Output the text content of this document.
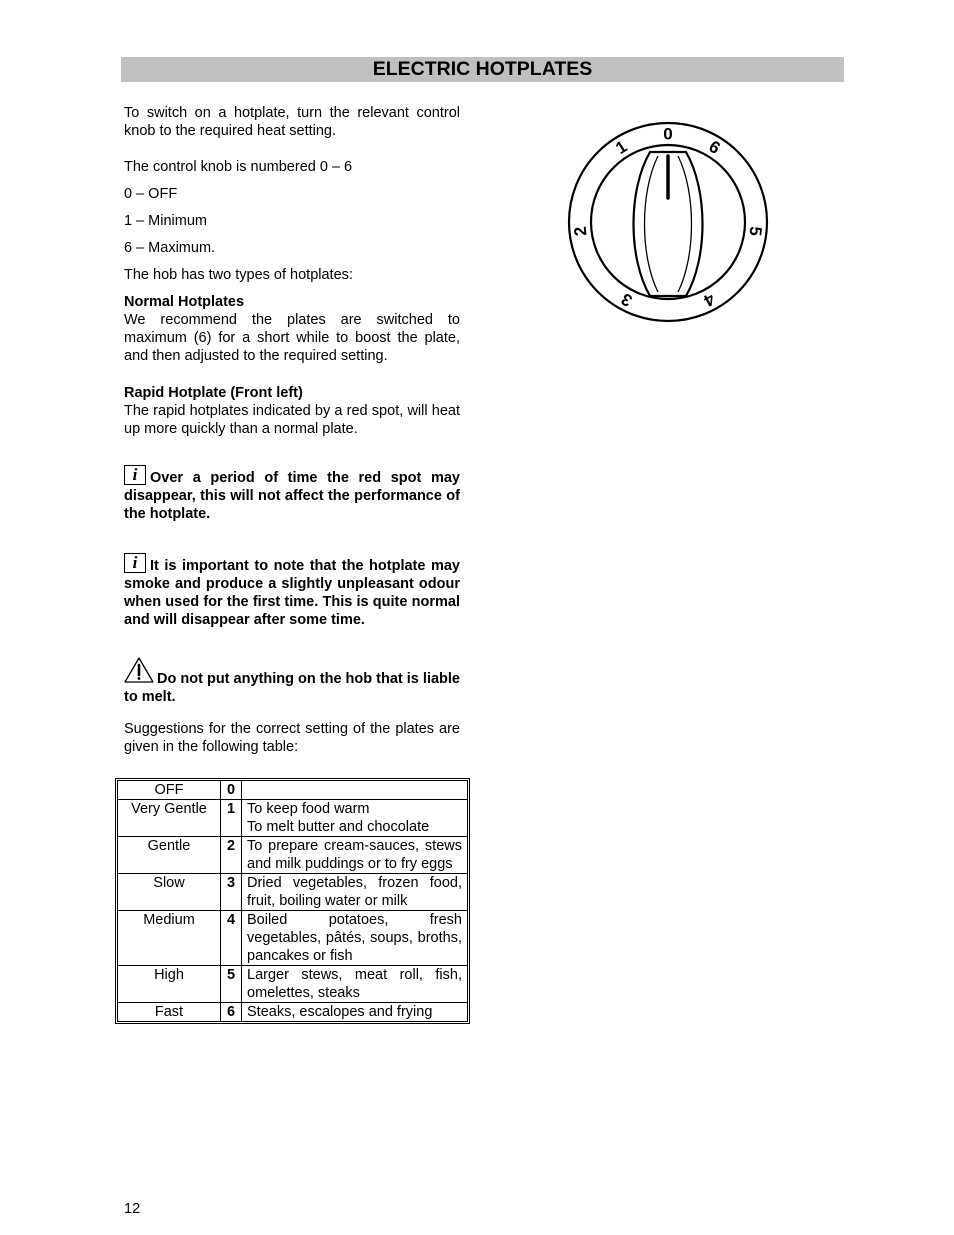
ELECTRIC HOTPLATES

To switch on a hotplate, turn the relevant control knob to the required heat setting.

The control knob is numbered 0 – 6

0 – OFF

1 – Minimum

6 – Maximum.

The hob has two types of hotplates:

Normal Hotplates

We recommend the plates are switched to maximum (6) for a short while to boost the plate, and then adjusted to the required setting.

Rapid Hotplate (Front left)

The rapid hotplates indicated by a red spot, will heat up more quickly than a normal plate.

i Over a period of time the red spot may disappear, this will not affect the performance of the hotplate.

i It is important to note that the hotplate may smoke and produce a slightly unpleasant odour when used for the first time. This is quite normal and will disappear after some time.

Do not put anything on the hob that is liable to melt.

Suggestions for the correct setting of the plates are given in the following table:

OFF	0	
Very Gentle	1	To keep food warm
To melt butter and chocolate
Gentle	2	To prepare cream-sauces, stews and milk puddings or to fry eggs
Slow	3	Dried vegetables, frozen food, fruit, boiling water or milk
Medium	4	Boiled potatoes, fresh vegetables, pâtés, soups, broths, pancakes or fish
High	5	Larger stews, meat roll, fish, omelettes, steaks
Fast	6	Steaks, escalopes and frying
0
1
2
3	4
5
6
12
